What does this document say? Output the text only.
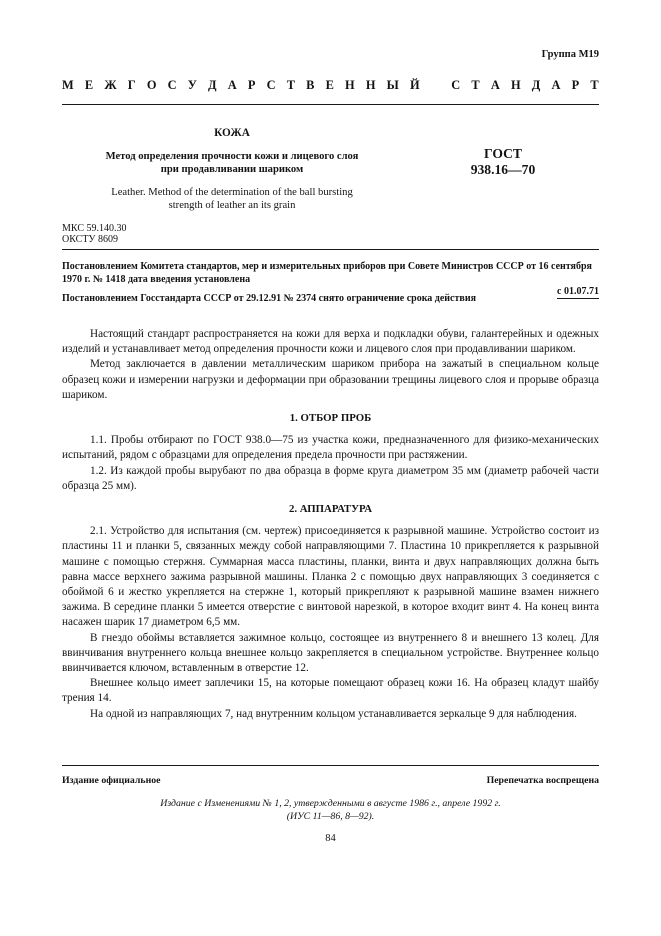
Группа М19
М Е Ж Г О С У Д А Р С Т В Е Н Н Ы Й
	С Т А Н Д А Р Т
КОЖА
Метод определения прочности кожи и лицевого слоя
при продавливании шариком
ГОСТ
938.16—70
Leather. Method of the determination of the ball bursting
strength of leather an its grain
МКС 59.140.30
ОКСТУ 8609
Постановлением Комитета стандартов, мер и измерительных приборов при Совете Министров СССР от 16 сентября
1970 г. № 1418 дата введения установлена
с 01.07.71
Постановлением Госстандарта СССР от 29.12.91 № 2374 снято ограничение срока действия

Настоящий стандарт распространяется на кожи для верха и подкладки обуви, галантерейных и одежных изделий и устанавливает метод определения прочности кожи и лицевого слоя при продавливании шариком.

Метод заключается в давлении металлическим шариком прибора на зажатый в специальном кольце образец кожи и измерении нагрузки и деформации при образовании трещины лицевого слоя и прорыве образца шариком.

1. ОТБОР ПРОБ

1.1. Пробы отбирают по ГОСТ 938.0—75 из участка кожи, предназначенного для физико-механических испытаний, рядом с образцами для определения предела прочности при растяжении.

1.2. Из каждой пробы вырубают по два образца в форме круга диаметром 35 мм (диаметр рабочей части образца 25 мм).

2. АППАРАТУРА

2.1. Устройство для испытания (см. чертеж) присоединяется к разрывной машине. Устройство состоит из пластины 11 и планки 5, связанных между собой направляющими 7. Пластина 10 прикрепляется к разрывной машине с помощью стержня. Суммарная масса пластины, планки, винта и двух направляющих должна быть равна массе верхнего зажима разрывной машины. Планка 2 с помощью двух направляющих 3 соединяется с обоймой 6 и жестко укрепляется на стержне 1, который прикрепляют к разрывной машине взамен нижнего зажима. В середине планки 5 имеется отверстие с винтовой нарезкой, в которое входит винт 4. На конец винта насажен шарик 17 диаметром 6,5 мм.

В гнездо обоймы вставляется зажимное кольцо, состоящее из внутреннего 8 и внешнего 13 колец. Для ввинчивания внутреннего кольца внешнее кольцо закрепляется в специальном устройстве. Внутреннее кольцо ввинчивается ключом, вставленным в отверстие 12.

Внешнее кольцо имеет заплечики 15, на которые помещают образец кожи 16. На образец кладут шайбу трения 14.

На одной из направляющих 7, над внутренним кольцом устанавливается зеркальце 9 для наблюдения.

Издание официальное	Перепечатка воспрещена
Издание с Изменениями № 1, 2, утвержденными в августе 1986 г., апреле 1992 г.
(ИУС 11—86, 8—92).
84
